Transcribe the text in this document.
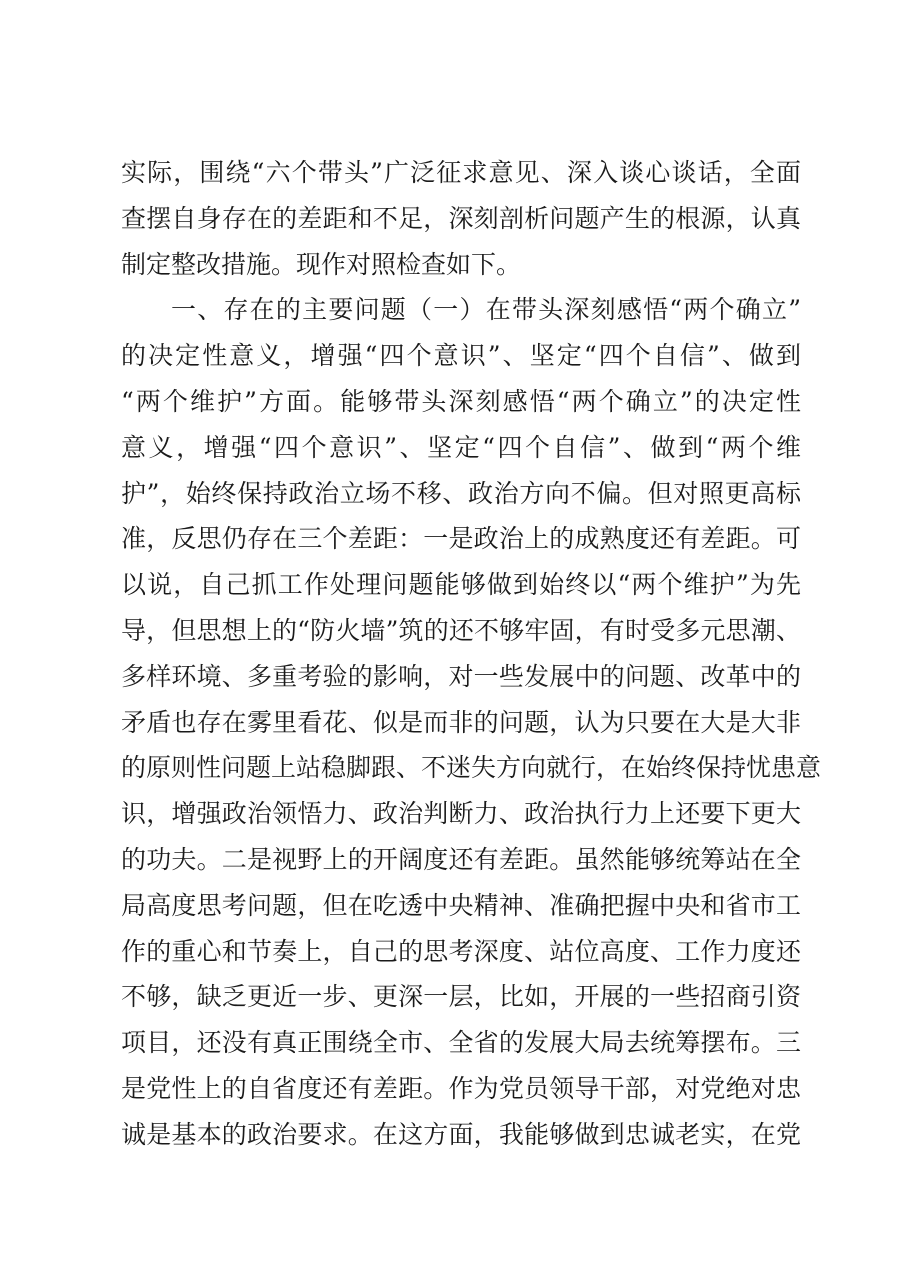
实际，围绕“六个带头”广泛征求意见、深入谈心谈话，全面
查摆自身存在的差距和不足，深刻剖析问题产生的根源，认真
制定整改措施。现作对照检查如下。
一、存在的主要问题（一）在带头深刻感悟“两个确立”
的决定性意义，增强“四个意识”、坚定“四个自信”、做到
“两个维护”方面。能够带头深刻感悟“两个确立”的决定性
意义，增强“四个意识”、坚定“四个自信”、做到“两个维
护”，始终保持政治立场不移、政治方向不偏。但对照更高标
准，反思仍存在三个差距：一是政治上的成熟度还有差距。可
以说，自己抓工作处理问题能够做到始终以“两个维护”为先
导，但思想上的“防火墙”筑的还不够牢固，有时受多元思潮、
多样环境、多重考验的影响，对一些发展中的问题、改革中的
矛盾也存在雾里看花、似是而非的问题，认为只要在大是大非
的原则性问题上站稳脚跟、不迷失方向就行，在始终保持忧患意
识，增强政治领悟力、政治判断力、政治执行力上还要下更大
的功夫。二是视野上的开阔度还有差距。虽然能够统筹站在全
局高度思考问题，但在吃透中央精神、准确把握中央和省市工
作的重心和节奏上，自己的思考深度、站位高度、工作力度还
不够，缺乏更近一步、更深一层，比如，开展的一些招商引资
项目，还没有真正围绕全市、全省的发展大局去统筹摆布。三
是党性上的自省度还有差距。作为党员领导干部，对党绝对忠
诚是基本的政治要求。在这方面，我能够做到忠诚老实，在党
